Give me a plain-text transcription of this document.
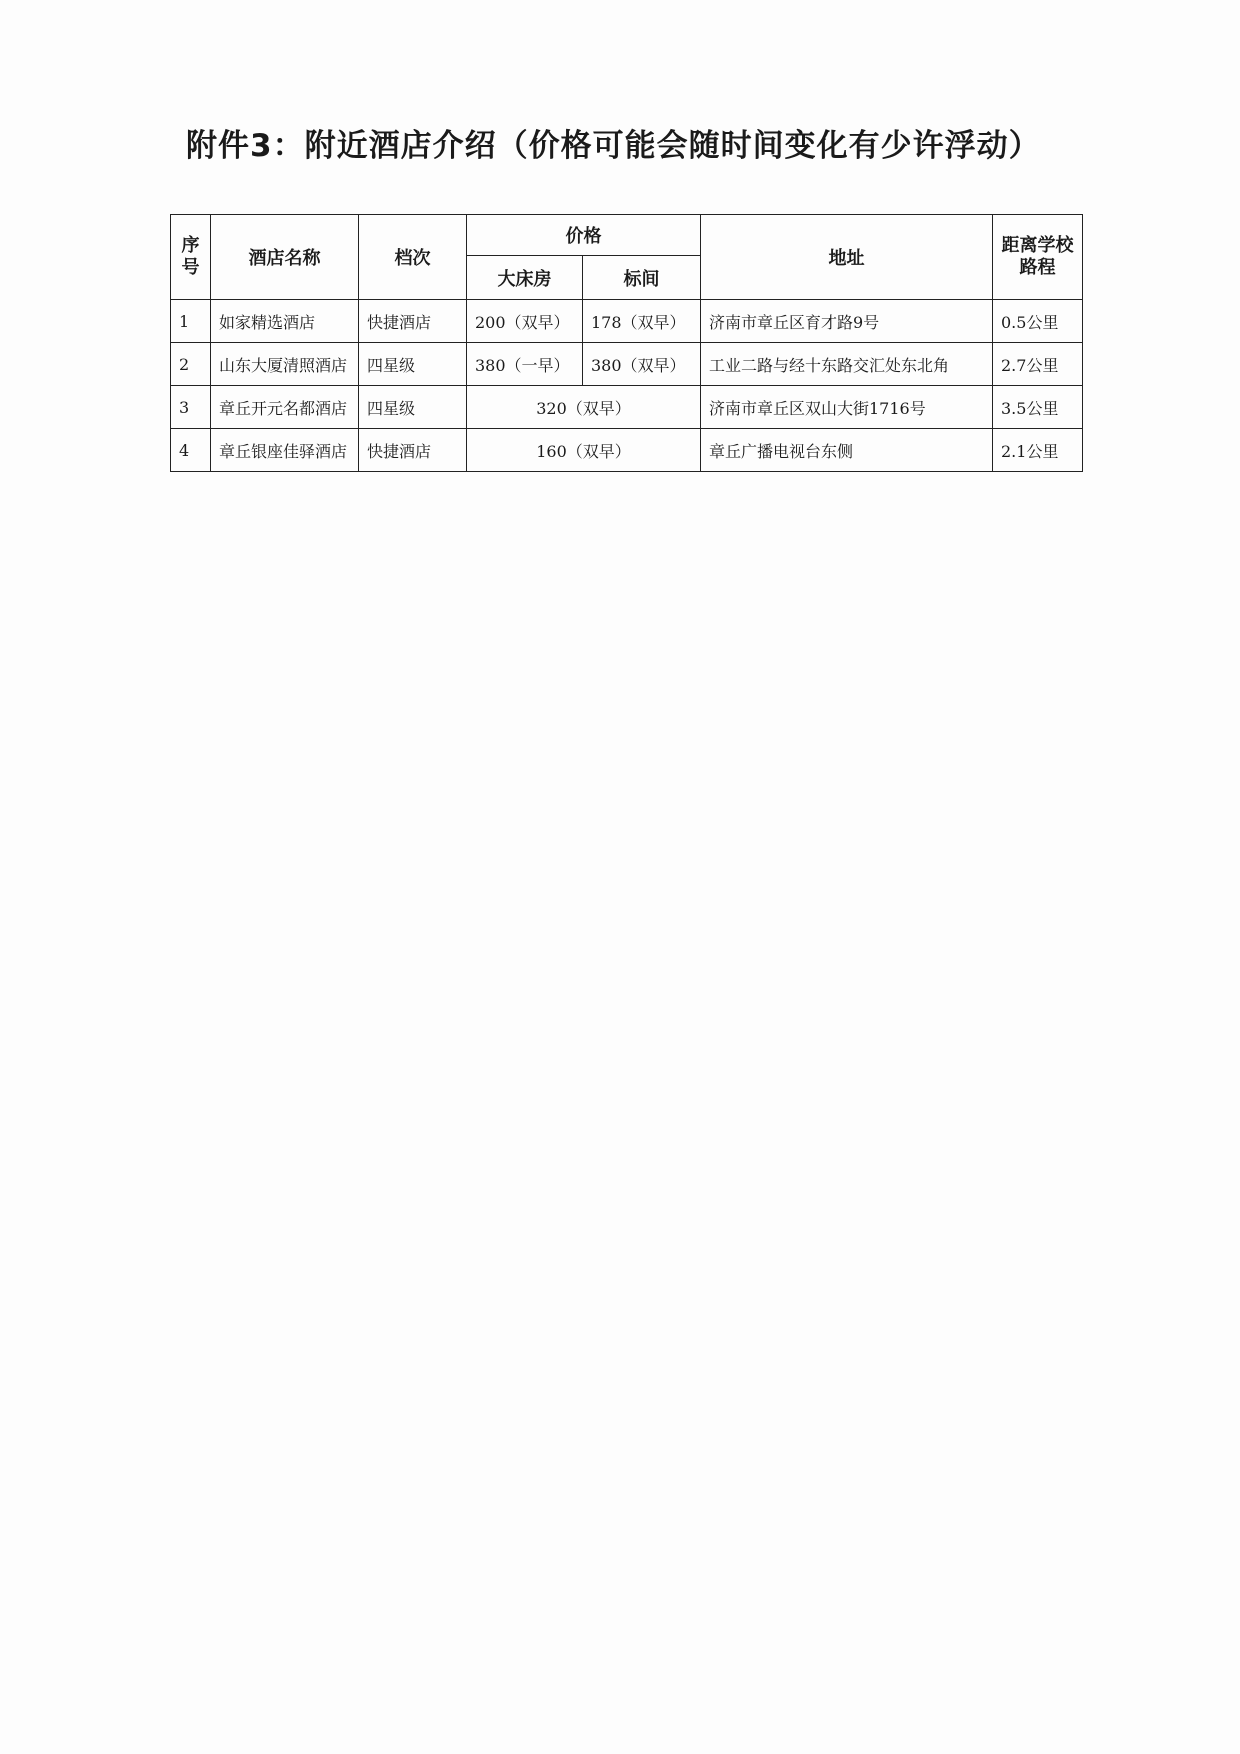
附件3：附近酒店介绍（价格可能会随时间变化有少许浮动）
序号	酒店名称	档次	价格		地址	距离学校路程
			大床房	标间		
1	如家精选酒店	快捷酒店	200（双早）	178（双早）	济南市章丘区育才路9号	0.5公里
2	山东大厦清照酒店	四星级	380（一早）	380（双早）	工业二路与经十东路交汇处东北角	2.7公里
3	章丘开元名都酒店	四星级	320（双早）		济南市章丘区双山大街1716号	3.5公里
4	章丘银座佳驿酒店	快捷酒店	160（双早）		章丘广播电视台东侧	2.1公里
